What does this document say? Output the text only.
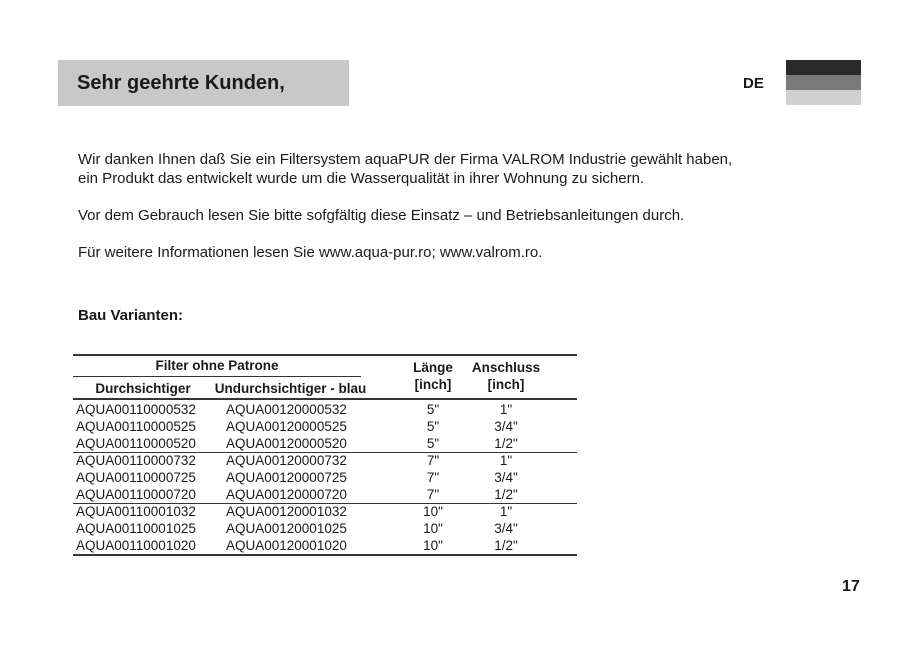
Sehr geehrte Kunden,	DE

Wir danken Ihnen daß Sie ein Filtersystem aquaPUR der Firma VALROM Industrie gewählt haben,
ein Produkt das entwickelt wurde um die Wasserqualität in ihrer Wohnung zu sichern.

Vor dem Gebrauch lesen Sie bitte sofgfältig diese Einsatz – und Betriebsanleitungen durch.

Für weitere Informationen lesen Sie www.aqua-pur.ro; www.valrom.ro.

Bau Varianten:
Filter ohne Patrone
Durchsichtiger	Undurchsichtiger - blau
Länge
[inch]
Anschluss
[inch]
AQUA00110000532 AQUA00120000532	5"	1"
AQUA00110000525 AQUA00120000525	5"	3/4"
AQUA00110000520 AQUA00120000520	5"	1/2"
AQUA00110000732 AQUA00120000732	7"	1"
AQUA00110000725 AQUA00120000725	7"	3/4"
AQUA00110000720 AQUA00120000720	7"	1/2"
AQUA00110001032 AQUA00120001032	10"	1"
AQUA00110001025 AQUA00120001025	10"	3/4"
AQUA00110001020 AQUA00120001020	10"	1/2"
17
